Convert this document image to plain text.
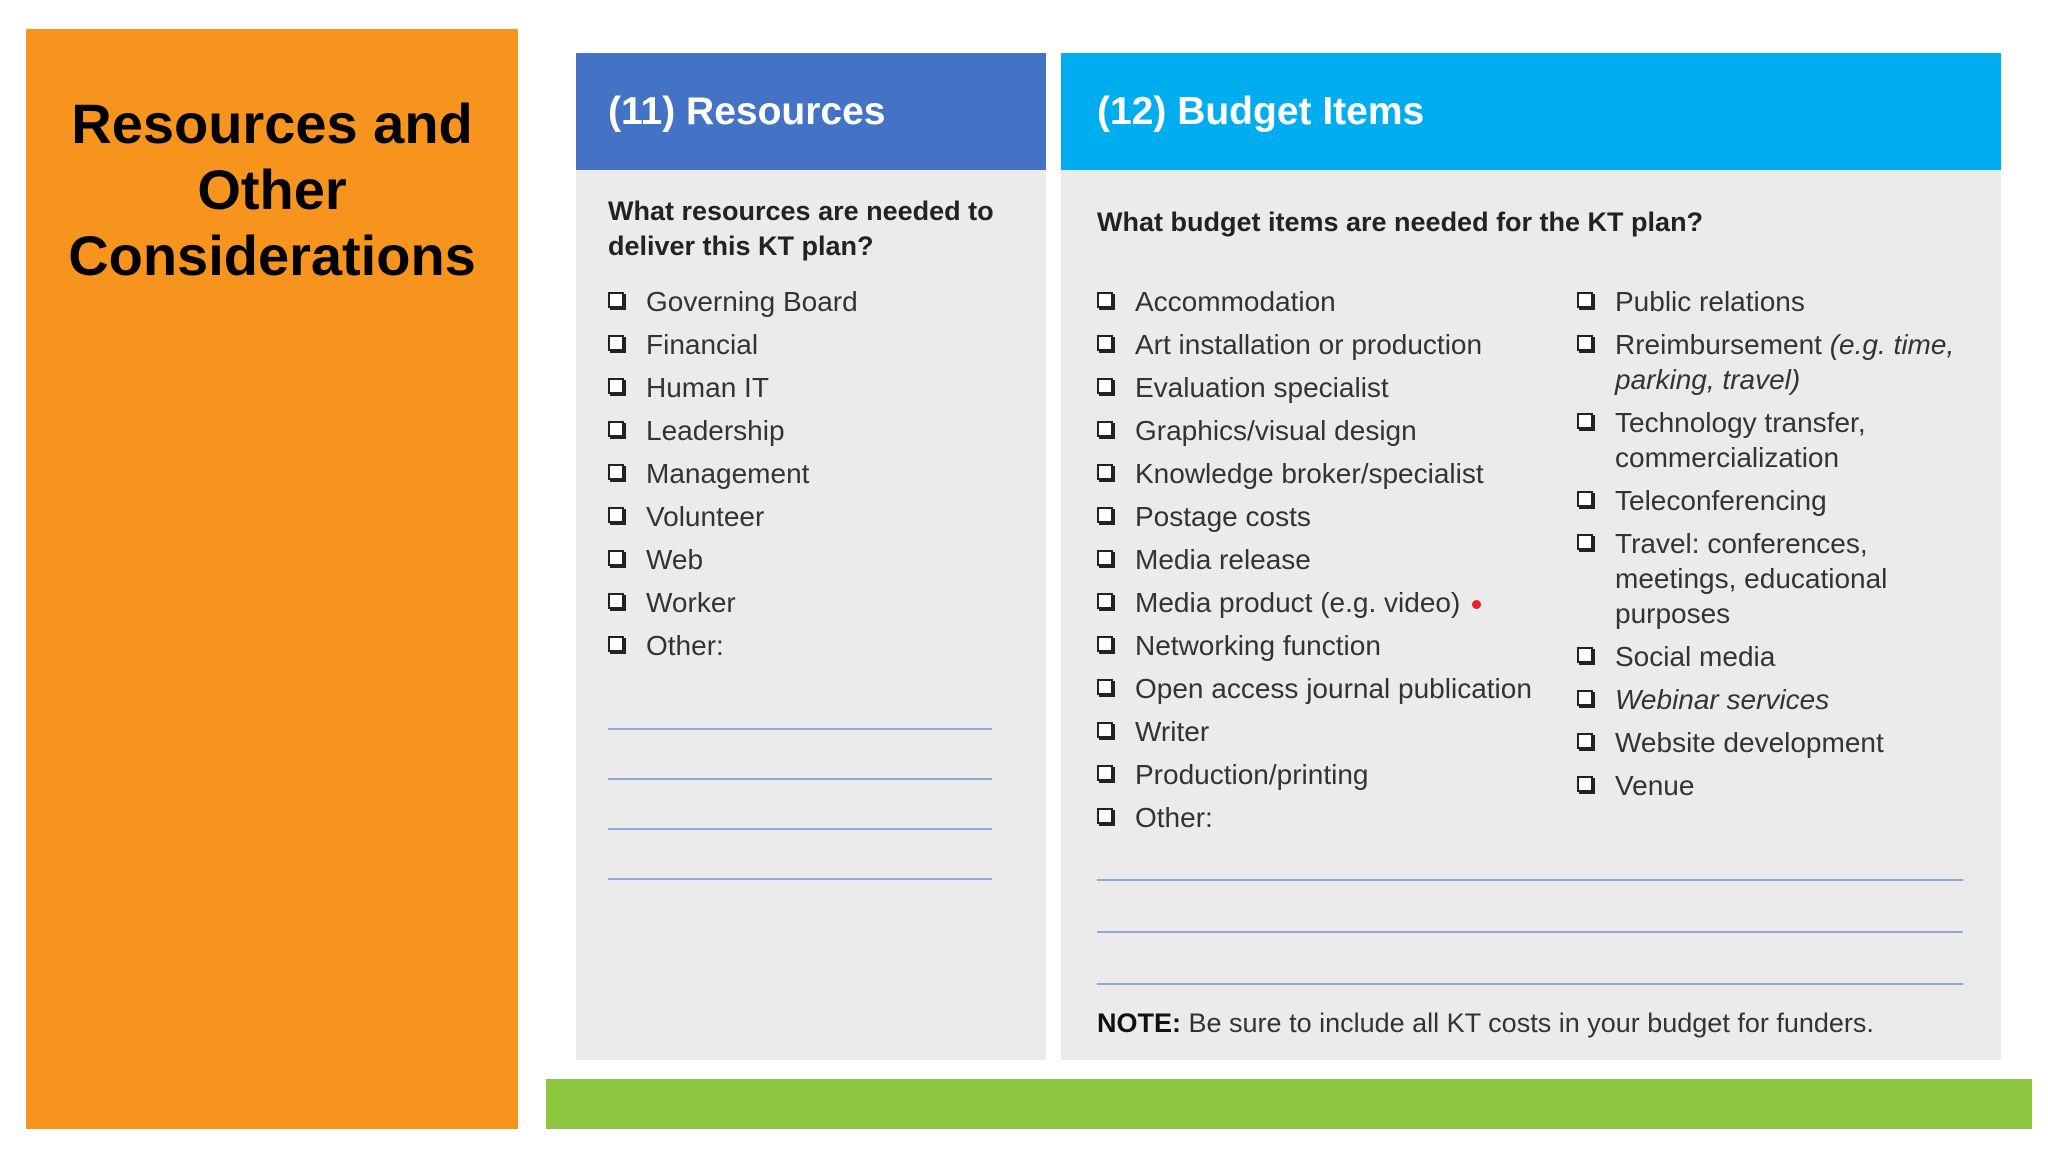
Resources and Other Considerations
(11) Resources
What resources are needed to deliver this KT plan?
Governing Board
Financial
Human IT
Leadership
Management
Volunteer
Web
Worker
Other:
(12) Budget Items
What budget items are needed for the KT plan?
Accommodation
Art installation or production
Evaluation specialist
Graphics/visual design
Knowledge broker/specialist
Postage costs
Media release
Media product (e.g. video)
Networking function
Open access journal publication
Writer
Production/printing
Other:
Public relations
Rreimbursement (e.g. time, parking, travel)
Technology transfer, commercialization
Teleconferencing
Travel: conferences, meetings, educational purposes
Social media
Webinar services
Website development
Venue
NOTE: Be sure to include all KT costs in your budget for funders.
